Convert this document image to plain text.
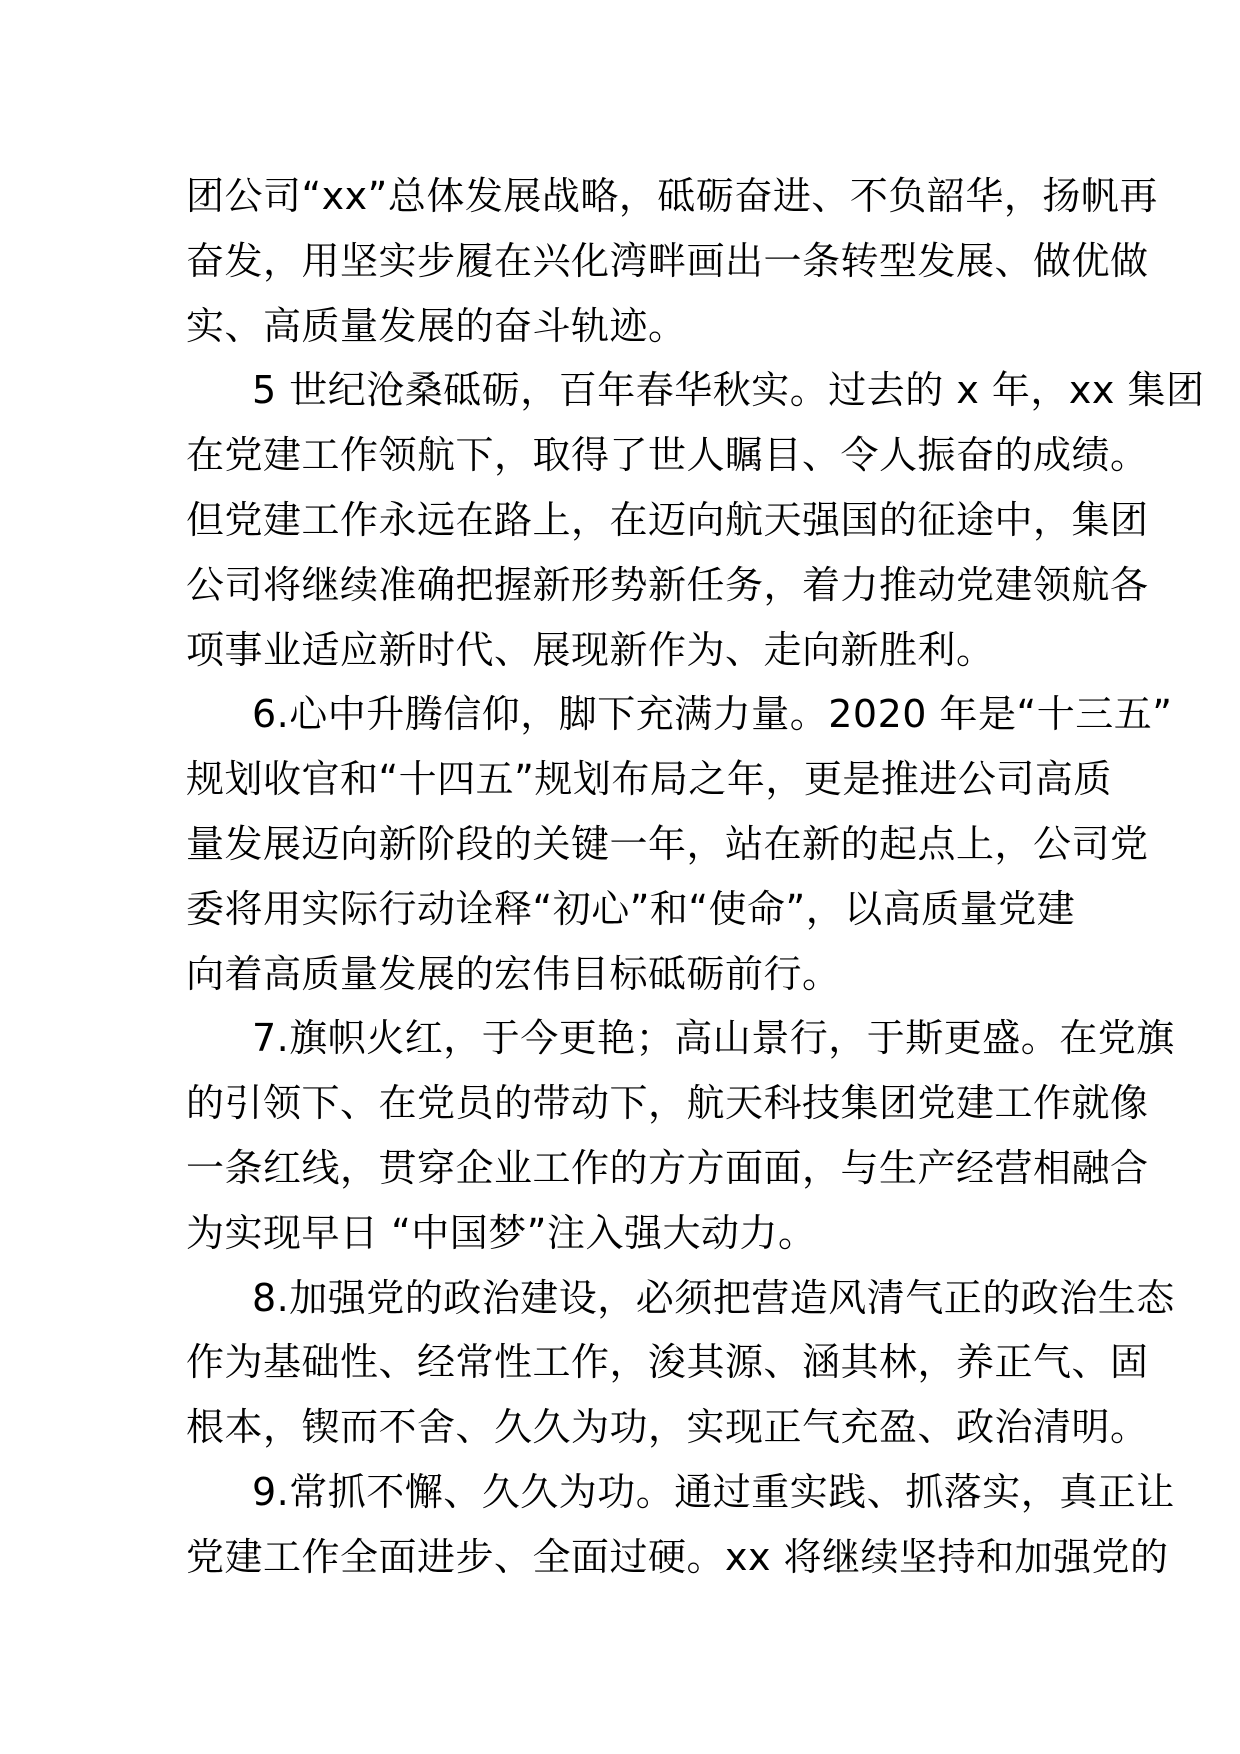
团公司“xx”总体发展战略，砥砺奋进、不负韶华，扬帆再
奋发，用坚实步履在兴化湾畔画出一条转型发展、做优做
实、高质量发展的奋斗轨迹。
5 世纪沧桑砥砺，百年春华秋实。过去的 x 年，xx 集团
在党建工作领航下，取得了世人瞩目、令人振奋的成绩。
但党建工作永远在路上，在迈向航天强国的征途中，集团
公司将继续准确把握新形势新任务，着力推动党建领航各
项事业适应新时代、展现新作为、走向新胜利。
6.心中升腾信仰，脚下充满力量。2020 年是“十三五”
规划收官和“十四五”规划布局之年，更是推进公司高质
量发展迈向新阶段的关键一年，站在新的起点上，公司党
委将用实际行动诠释“初心”和“使命”，以高质量党建
向着高质量发展的宏伟目标砥砺前行。
7.旗帜火红，于今更艳；高山景行，于斯更盛。在党旗
的引领下、在党员的带动下，航天科技集团党建工作就像
一条红线，贯穿企业工作的方方面面，与生产经营相融合
为实现早日 “中国梦”注入强大动力。
8.加强党的政治建设，必须把营造风清气正的政治生态
作为基础性、经常性工作，浚其源、涵其林，养正气、固
根本，锲而不舍、久久为功，实现正气充盈、政治清明。
9.常抓不懈、久久为功。通过重实践、抓落实，真正让
党建工作全面进步、全面过硬。xx 将继续坚持和加强党的
